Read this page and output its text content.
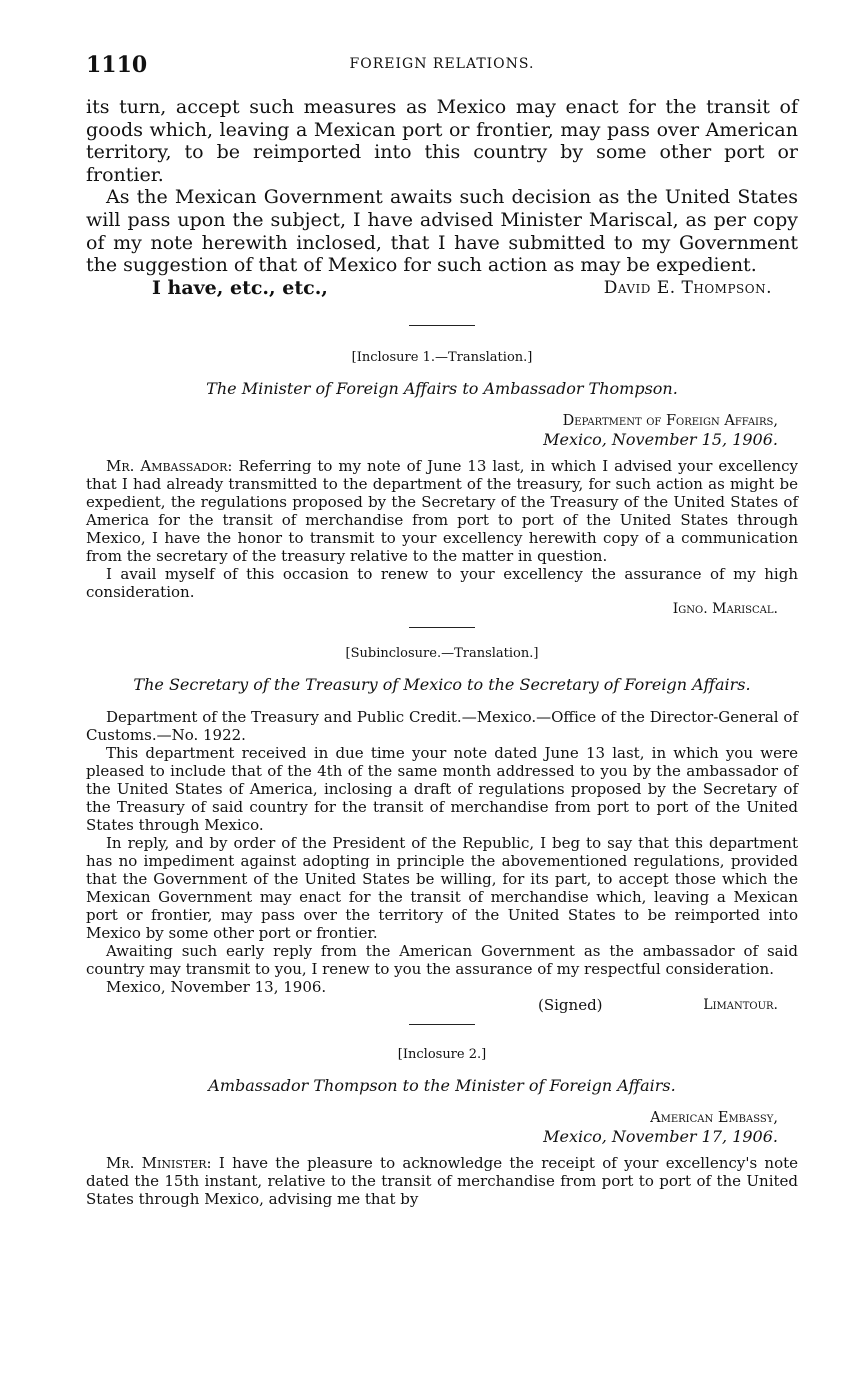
1110	FOREIGN RELATIONS.

its turn, accept such measures as Mexico may enact for the transit of goods which, leaving a Mexican port or frontier, may pass over American territory, to be reimported into this country by some other port or frontier.

As the Mexican Government awaits such decision as the United States will pass upon the subject, I have advised Minister Mariscal, as per copy of my note herewith inclosed, that I have submitted to my Government the suggestion of that of Mexico for such action as may be expedient.

I have, etc., etc.,	David E. Thompson.
[Inclosure 1.—Translation.]
The Minister of Foreign Affairs to Ambassador Thompson.
Department of Foreign Affairs,
Mexico, November 15, 1906.

Mr. Ambassador: Referring to my note of June 13 last, in which I advised your excellency that I had already transmitted to the department of the treasury, for such action as might be expedient, the regulations proposed by the Secretary of the Treasury of the United States of America for the transit of merchandise from port to port of the United States through Mexico, I have the honor to transmit to your excellency herewith copy of a communication from the secretary of the treasury relative to the matter in question.

I avail myself of this occasion to renew to your excellency the assurance of my high consideration.

Igno. Mariscal.
[Subinclosure.—Translation.]
The Secretary of the Treasury of Mexico to the Secretary of Foreign Affairs.

Department of the Treasury and Public Credit.—Mexico.—Office of the Director-General of Customs.—No. 1922.

This department received in due time your note dated June 13 last, in which you were pleased to include that of the 4th of the same month addressed to you by the ambassador of the United States of America, inclosing a draft of regulations proposed by the Secretary of the Treasury of said country for the transit of merchandise from port to port of the United States through Mexico.

In reply, and by order of the President of the Republic, I beg to say that this department has no impediment against adopting in principle the abovementioned regulations, provided that the Government of the United States be willing, for its part, to accept those which the Mexican Government may enact for the transit of merchandise which, leaving a Mexican port or frontier, may pass over the territory of the United States to be reimported into Mexico by some other port or frontier.

Awaiting such early reply from the American Government as the ambassador of said country may transmit to you, I renew to you the assurance of my respectful consideration.

Mexico, November 13, 1906.
(Signed)	Limantour.
[Inclosure 2.]
Ambassador Thompson to the Minister of Foreign Affairs.
American Embassy,
Mexico, November 17, 1906.

Mr. Minister: I have the pleasure to acknowledge the receipt of your excellency's note dated the 15th instant, relative to the transit of merchandise from port to port of the United States through Mexico, advising me that by
